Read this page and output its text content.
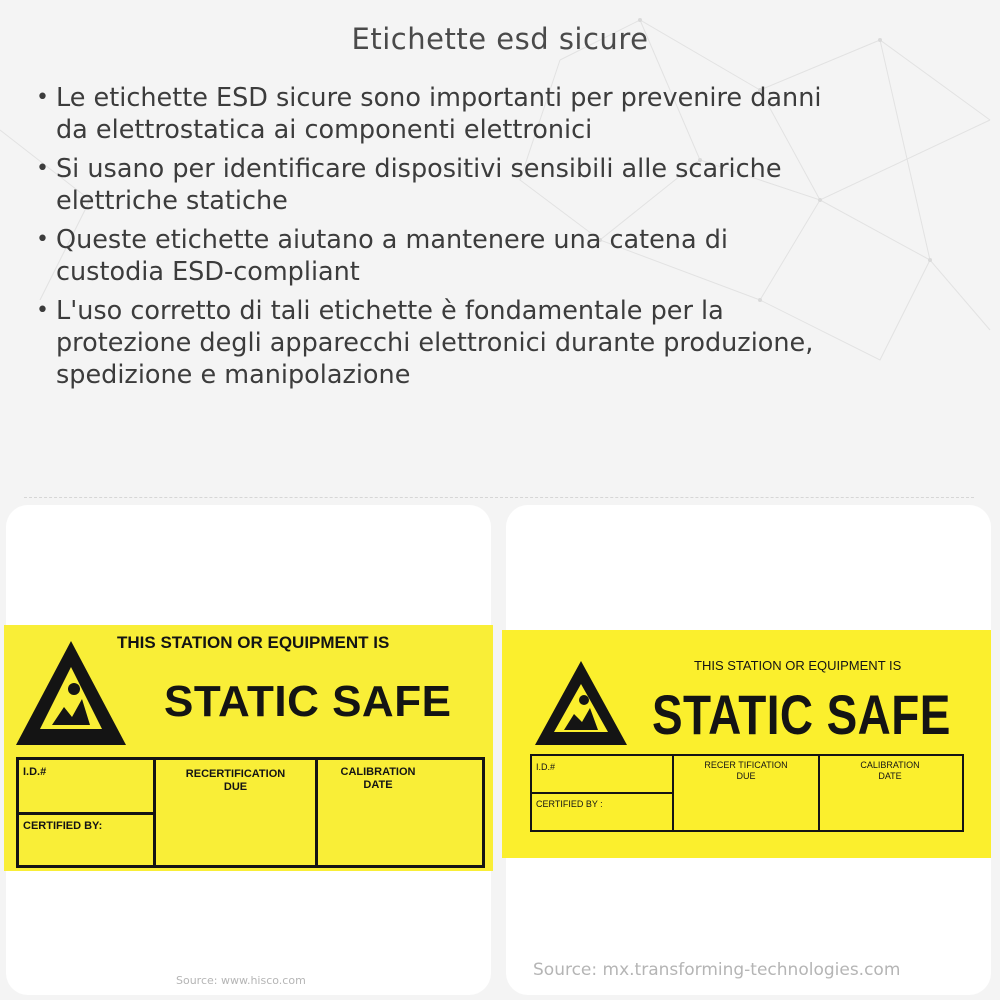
Etichette esd sicure
• Le etichette ESD sicure sono importanti per prevenire danni
da elettrostatica ai componenti elettronici
• Si usano per identificare dispositivi sensibili alle scariche
elettriche statiche
• Queste etichette aiutano a mantenere una catena di
custodia ESD-compliant
• L'uso corretto di tali etichette è fondamentale per la
protezione degli apparecchi elettronici durante produzione,
spedizione e manipolazione
THIS STATION OR EQUIPMENT IS
STATIC SAFE
I.D.#
CERTIFIED BY:
RECERTIFICATION
DUE
CALIBRATION
DATE
Source: www.hisco.com
THIS STATION OR EQUIPMENT IS
STATIC SAFE
I.D.#
CERTIFIED BY :
RECER TIFICATION
DUE
CALIBRATION
DATE
Source: mx.transforming-technologies.com
